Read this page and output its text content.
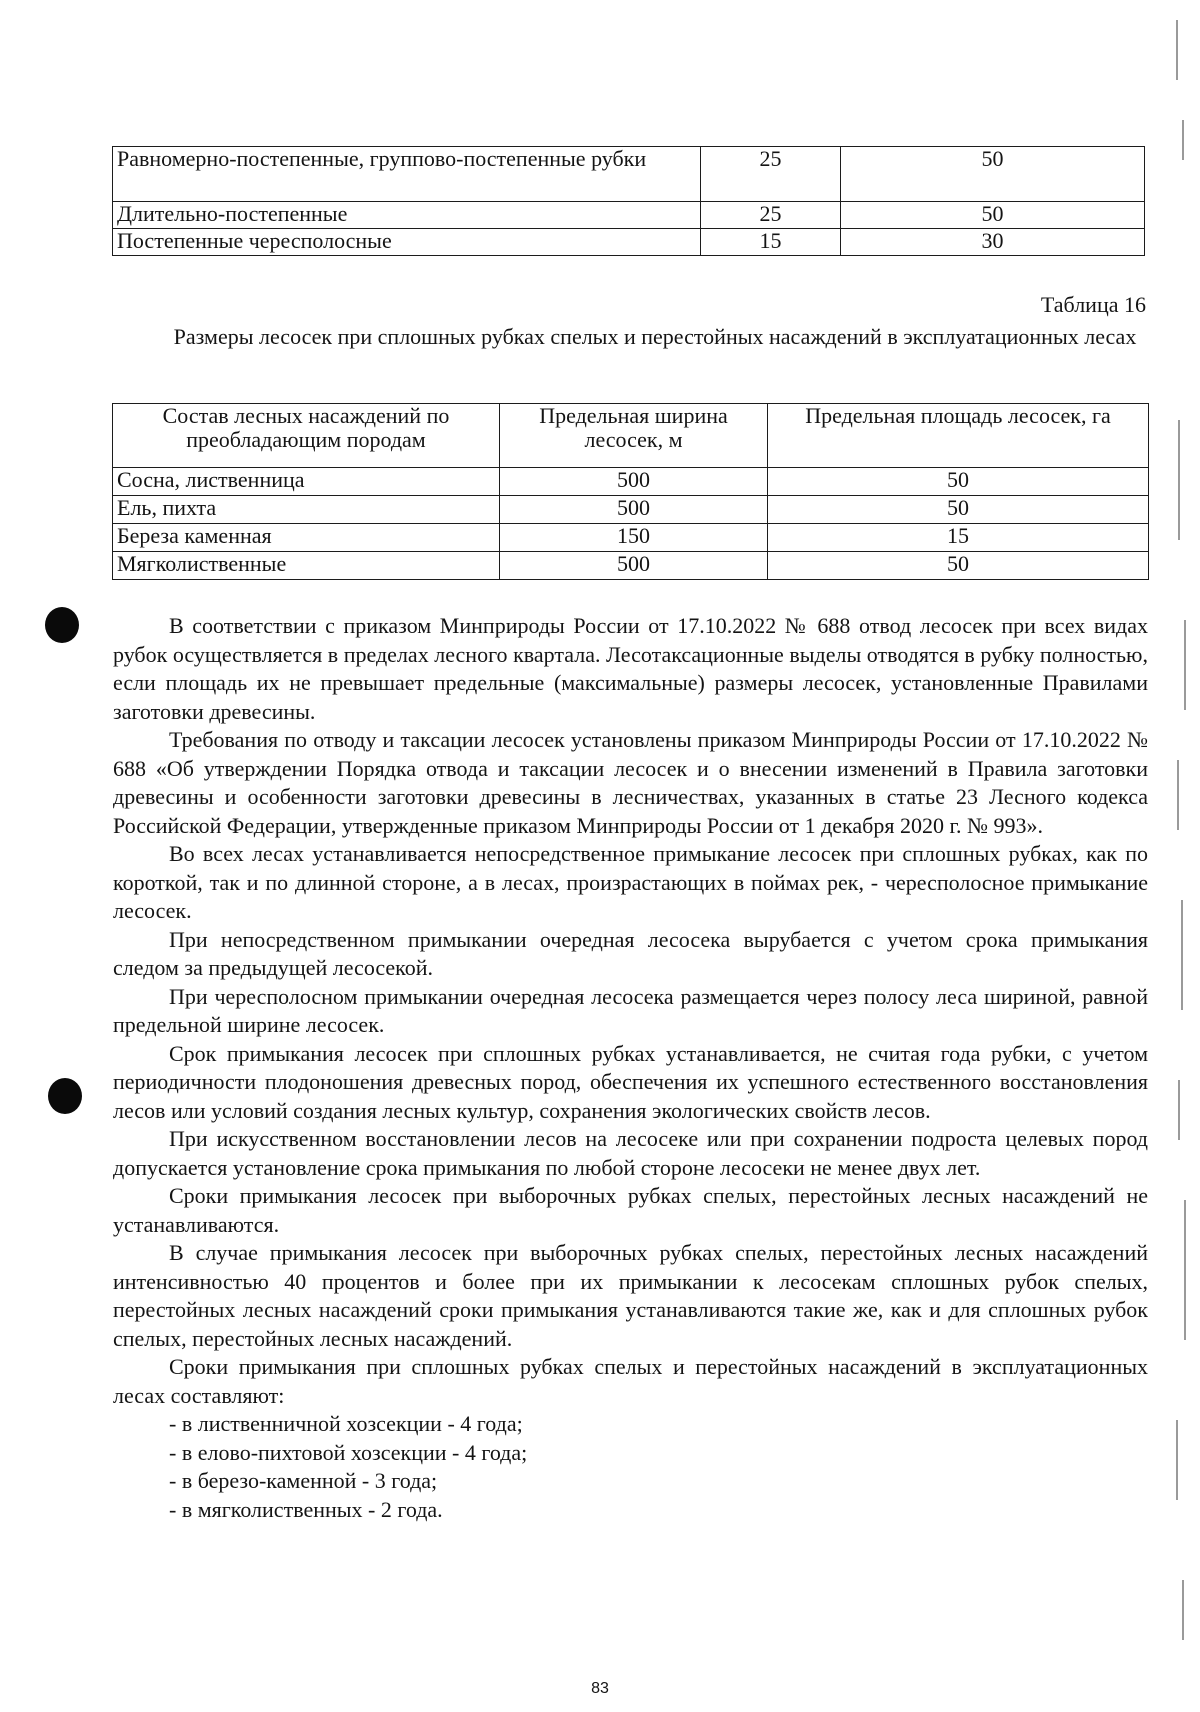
Равномерно-постепенные, группово-постепенные рубки	25	50
Длительно-постепенные	25	50
Постепенные чересполосные	15	30
Таблица 16
Размеры лесосек при сплошных рубках спелых и перестойных насаждений в эксплуатационных лесах
Состав лесных насаждений по преобладающим породам	Предельная ширина лесосек, м	Предельная площадь лесосек, га
Сосна, лиственница	500	50
Ель, пихта	500	50
Береза каменная	150	15
Мягколиственные	500	50

В соответствии с приказом Минприроды России от 17.10.2022 № 688 отвод лесосек при всех видах рубок осуществляется в пределах лесного квартала. Лесотаксационные выделы отводятся в рубку полностью, если площадь их не превышает предельные (максимальные) размеры лесосек, установленные Правилами заготовки древесины.

Требования по отводу и таксации лесосек установлены приказом Минприроды России от 17.10.2022 № 688 «Об утверждении Порядка отвода и таксации лесосек и о внесении изменений в Правила заготовки древесины и особенности заготовки древесины в лесничествах, указанных в статье 23 Лесного кодекса Российской Федерации, утвержденные приказом Минприроды России от 1 декабря 2020 г. № 993».

Во всех лесах устанавливается непосредственное примыкание лесосек при сплошных рубках, как по короткой, так и по длинной стороне, а в лесах, произрастающих в поймах рек, - чересполосное примыкание лесосек.

При непосредственном примыкании очередная лесосека вырубается с учетом срока примыкания следом за предыдущей лесосекой.

При чересполосном примыкании очередная лесосека размещается через полосу леса шириной, равной предельной ширине лесосек.

Срок примыкания лесосек при сплошных рубках устанавливается, не считая года рубки, с учетом периодичности плодоношения древесных пород, обеспечения их успешного естественного восстановления лесов или условий создания лесных культур, сохранения экологических свойств лесов.

При искусственном восстановлении лесов на лесосеке или при сохранении подроста целевых пород допускается установление срока примыкания по любой стороне лесосеки не менее двух лет.

Сроки примыкания лесосек при выборочных рубках спелых, перестойных лесных насаждений не устанавливаются.

В случае примыкания лесосек при выборочных рубках спелых, перестойных лесных насаждений интенсивностью 40 процентов и более при их примыкании к лесосекам сплошных рубок спелых, перестойных лесных насаждений сроки примыкания устанавливаются такие же, как и для сплошных рубок спелых, перестойных лесных насаждений.

Сроки примыкания при сплошных рубках спелых и перестойных насаждений в эксплуатационных лесах составляют:

- в лиственничной хозсекции - 4 года;
- в елово-пихтовой хозсекции - 4 года;
- в березо-каменной - 3 года;
- в мягколиственных - 2 года.
83
